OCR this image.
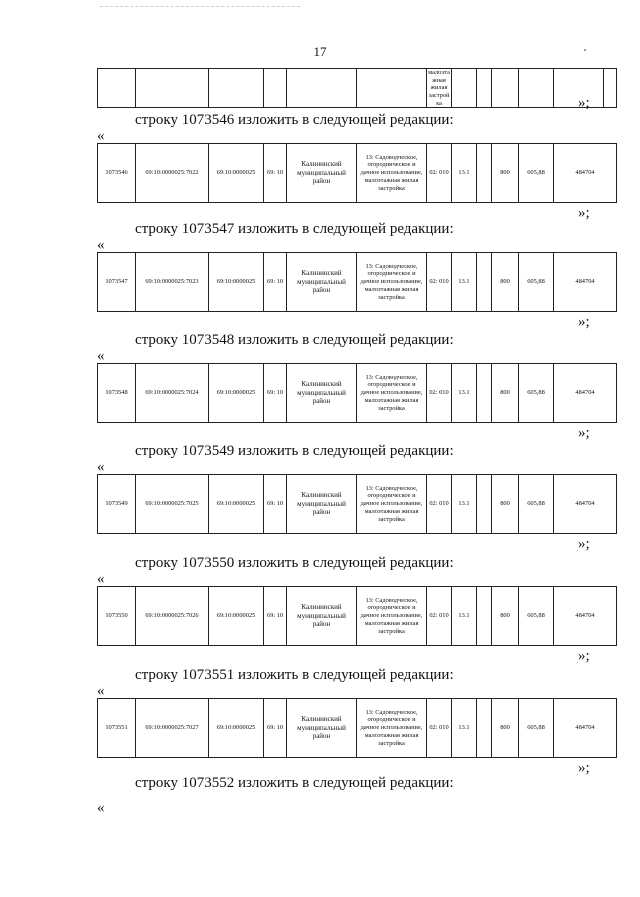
17
						малоэтажная жилая застройка						
строку 1073546 изложить в следующей редакции:
«
1073546	69:10:0000025:7022	69:10:0000025	69: 10	Калининский муниципальный район	13: Садоводческое, огородническое и дачное использование, малоэтажная жилая застройка	02: 010	13.1		800	605,88	484704
»;
строку 1073547 изложить в следующей редакции:
«
1073547	69:10:0000025:7023	69:10:0000025	69: 10	Калининский муниципальный район	13: Садоводческое, огородническое и дачное использование, малоэтажная жилая застройка	02: 010	13.1		800	605,88	484704
»;
строку 1073548 изложить в следующей редакции:
«
1073548	69:10:0000025:7024	69:10:0000025	69: 10	Калининский муниципальный район	13: Садоводческое, огородническое и дачное использование, малоэтажная жилая застройка	02: 010	13.1		800	605,88	484704
»;
строку 1073549 изложить в следующей редакции:
«
1073549	69:10:0000025:7025	69:10:0000025	69: 10	Калининский муниципальный район	13: Садоводческое, огородническое и дачное использование, малоэтажная жилая застройка	02: 010	13.1		800	605,88	484704
»;
строку 1073550 изложить в следующей редакции:
«
1073550	69:10:0000025:7026	69:10:0000025	69: 10	Калининский муниципальный район	13: Садоводческое, огородническое и дачное использование, малоэтажная жилая застройка	02: 010	13.1		800	605,88	484704
»;
строку 1073551 изложить в следующей редакции:
«
1073551	69:10:0000025:7027	69:10:0000025	69: 10	Калининский муниципальный район	13: Садоводческое, огородническое и дачное использование, малоэтажная жилая застройка	02: 010	13.1		800	605,88	484704
»;
строку 1073552 изложить в следующей редакции:
«
»;
